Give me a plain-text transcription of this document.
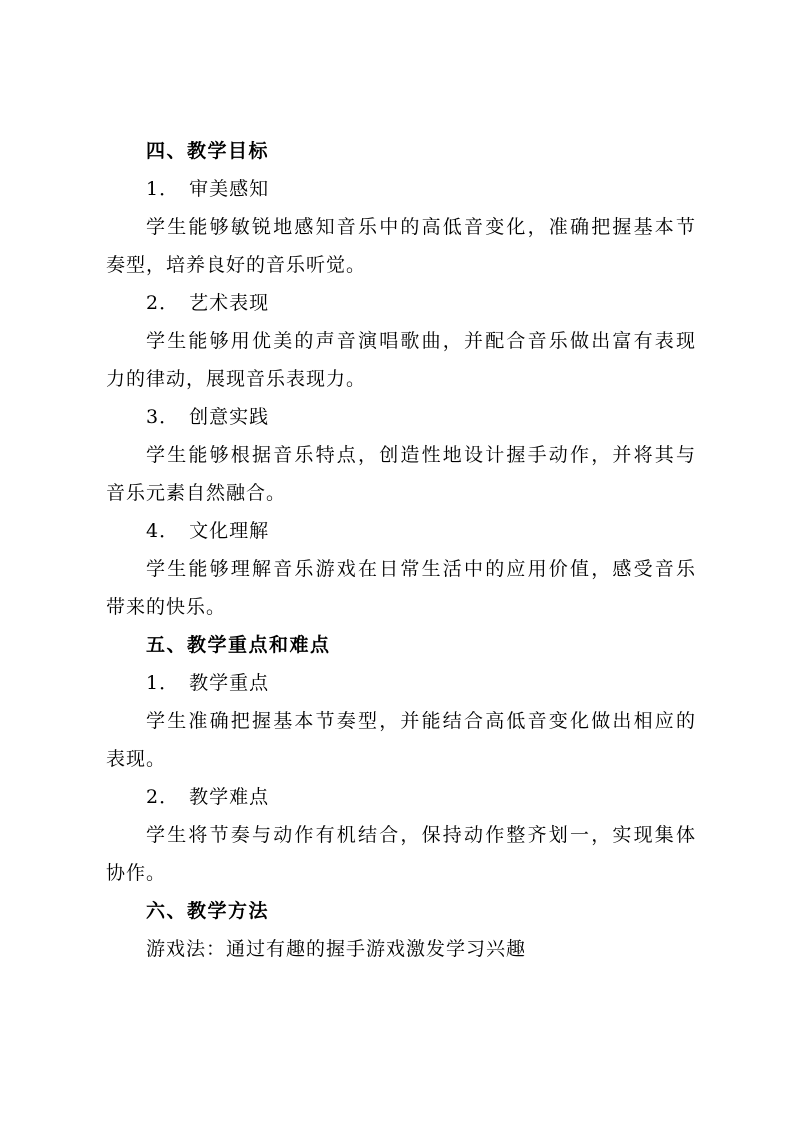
四、教学目标
1． 审美感知
学生能够敏锐地感知音乐中的高低音变化，准确把握基本节
奏型，培养良好的音乐听觉。
2． 艺术表现
学生能够用优美的声音演唱歌曲，并配合音乐做出富有表现
力的律动，展现音乐表现力。
3． 创意实践
学生能够根据音乐特点，创造性地设计握手动作，并将其与
音乐元素自然融合。
4． 文化理解
学生能够理解音乐游戏在日常生活中的应用价值，感受音乐
带来的快乐。
五、教学重点和难点
1． 教学重点
学生准确把握基本节奏型，并能结合高低音变化做出相应的
表现。
2． 教学难点
学生将节奏与动作有机结合，保持动作整齐划一，实现集体
协作。
六、教学方法
游戏法：通过有趣的握手游戏激发学习兴趣
